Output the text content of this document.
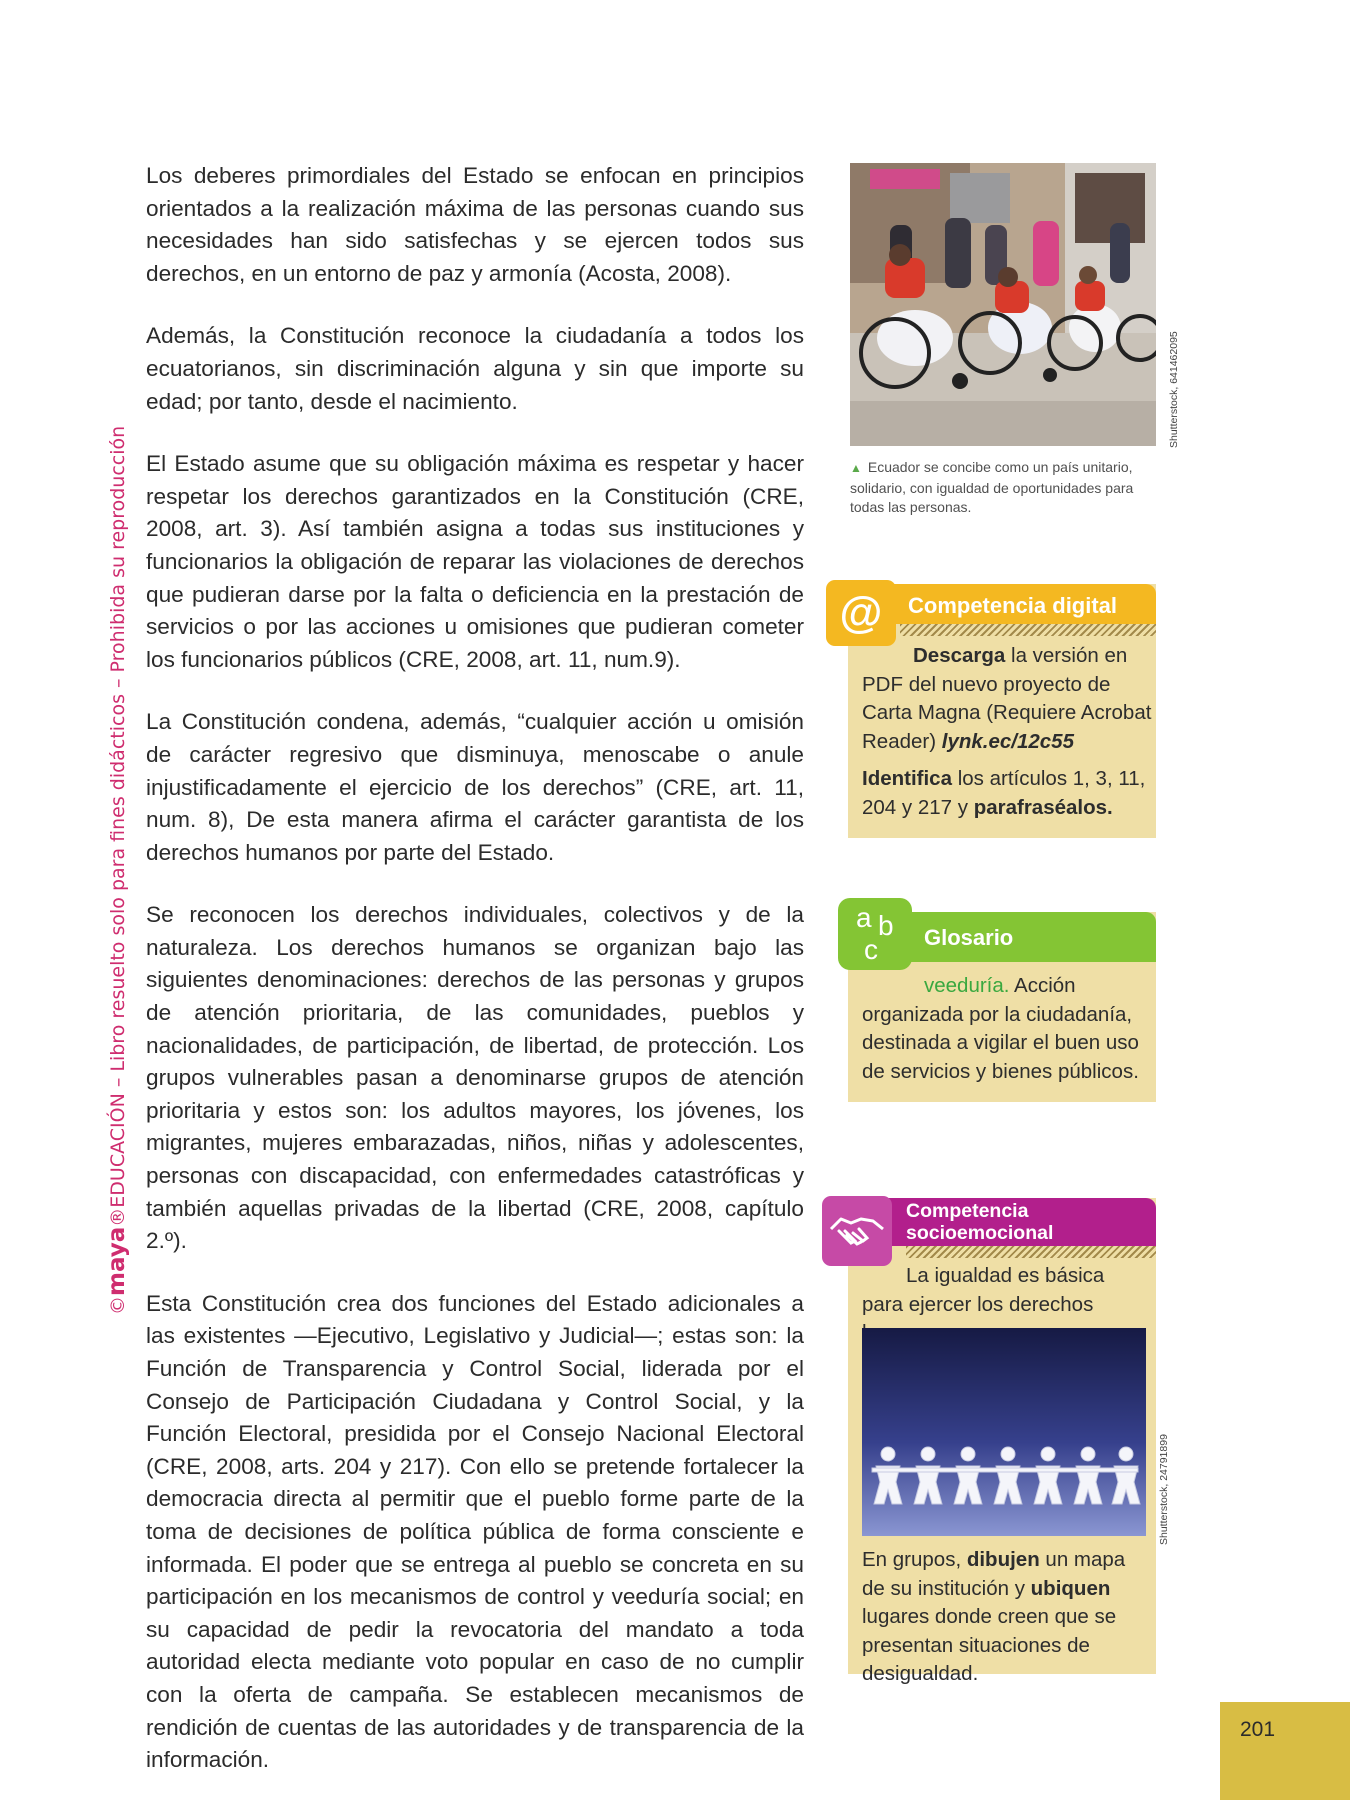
©maya®EDUCACIÓN – Libro resuelto solo para fines didácticos – Prohibida su reproducción

Los deberes primordiales del Estado se enfocan en principios orientados a la realización máxima de las personas cuando sus necesidades han sido satisfechas y se ejercen todos sus derechos, en un entorno de paz y armonía (Acosta, 2008).

Además, la Constitución reconoce la ciudadanía a todos los ecuatorianos, sin discriminación alguna y sin que importe su edad; por tanto, desde el nacimiento.

El Estado asume que su obligación máxima es respetar y hacer respetar los derechos garantizados en la Constitución (CRE, 2008, art. 3). Así también asigna a todas sus instituciones y funcionarios la obligación de reparar las violaciones de derechos que pudieran darse por la falta o deficiencia en la prestación de servicios o por las acciones u omisiones que pudieran cometer los funcionarios públicos (CRE, 2008, art. 11, num.9).

La Constitución condena, además, “cualquier acción u omisión de carácter regresivo que disminuya, menoscabe o anule injustificadamente el ejercicio de los derechos” (CRE, art. 11, num. 8), De esta manera afirma el carácter garantista de los derechos humanos por parte del Estado.

Se reconocen los derechos individuales, colectivos y de la naturaleza. Los derechos humanos se organizan bajo las siguientes denominaciones: derechos de las personas y grupos de atención prioritaria, de las comunidades, pueblos y nacionalidades, de participación, de libertad, de protección. Los grupos vulnerables pasan a denominarse grupos de atención prioritaria y estos son: los adultos mayores, los jóvenes, los migrantes, mujeres embarazadas, niños, niñas y adolescentes, personas con discapacidad, con enfermedades catastróficas y también aquellas privadas de la libertad (CRE, 2008, capítulo 2.º).

Esta Constitución crea dos funciones del Estado adicionales a las existentes —Ejecutivo, Legislativo y Judicial—; estas son: la Función de Transparencia y Control Social, liderada por el Consejo de Participación Ciudadana y Control Social, y la Función Electoral, presidida por el Consejo Nacional Electoral (CRE, 2008, arts. 204 y 217). Con ello se pretende fortalecer la democracia directa al permitir que el pueblo forme parte de la toma de decisiones de política pública de forma consciente e informada. El poder que se entrega al pueblo se concreta en su participación en los mecanismos de control y veeduría social; en su capacidad de pedir la revocatoria del mandato a toda autoridad electa mediante voto popular en caso de no cumplir con la oferta de campaña. Se establecen mecanismos de rendición de cuentas de las autoridades y de transparencia de la información.

Shutterstock, 641462095
▲ Ecuador se concibe como un país unitario, solidario, con igualdad de oportunidades para todas las personas.
Competencia digital
@

Descarga la versión en PDF del nuevo proyecto de Carta Magna (Requiere Acrobat Reader) lynk.ec/12c55

Identifica los artículos 1, 3, 11, 204 y 217 y parafraséalos.

Glosario
a b
c

veeduría. Acción organizada por la ciudadanía, destinada a vigilar el buen uso de servicios y bienes públicos.

Competencia
socioemocional

La igualdad es básica para ejercer los derechos

Shutterstock, 24791899

En grupos, dibujen un mapa de su institución y ubiquen lugares donde creen que se presentan situaciones de desigualdad.

201
